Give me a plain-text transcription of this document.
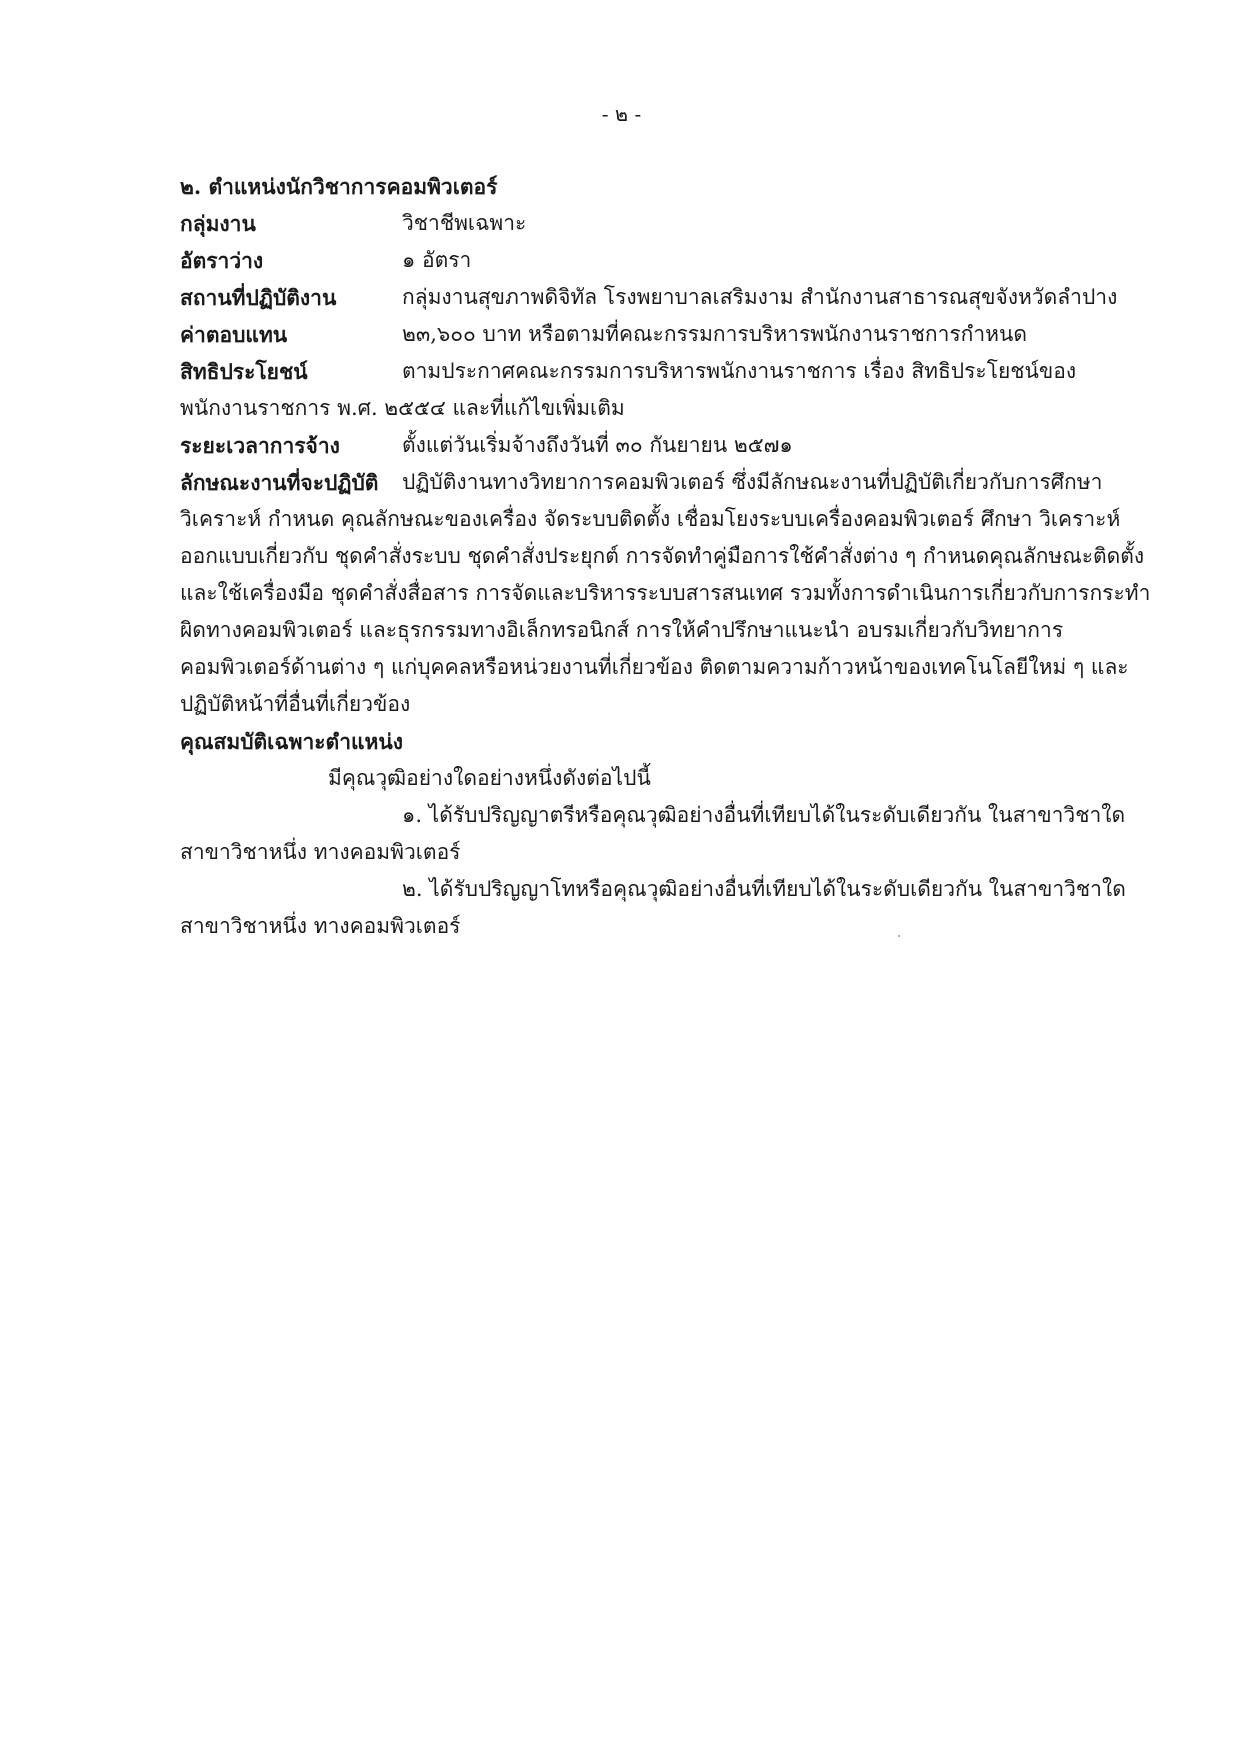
- ๒ -
๒. ตำแหน่งนักวิชาการคอมพิวเตอร์
กลุ่มงาน	วิชาชีพเฉพาะ
อัตราว่าง	๑ อัตรา
สถานที่ปฏิบัติงาน	กลุ่มงานสุขภาพดิจิทัล โรงพยาบาลเสริมงาม สำนักงานสาธารณสุขจังหวัดลำปาง
ค่าตอบแทน	๒๓,๖๐๐ บาท หรือตามที่คณะกรรมการบริหารพนักงานราชการกำหนด
สิทธิประโยชน์	ตามประกาศคณะกรรมการบริหารพนักงานราชการ เรื่อง สิทธิประโยชน์ของ
พนักงานราชการ พ.ศ. ๒๕๕๔ และที่แก้ไขเพิ่มเติม
ระยะเวลาการจ้าง	ตั้งแต่วันเริ่มจ้างถึงวันที่ ๓๐ กันยายน ๒๕๗๑
ลักษณะงานที่จะปฏิบัติ	ปฏิบัติงานทางวิทยาการคอมพิวเตอร์ ซึ่งมีลักษณะงานที่ปฏิบัติเกี่ยวกับการศึกษา
วิเคราะห์ กำหนด คุณลักษณะของเครื่อง จัดระบบติดตั้ง เชื่อมโยงระบบเครื่องคอมพิวเตอร์ ศึกษา วิเคราะห์
ออกแบบเกี่ยวกับ ชุดคำสั่งระบบ ชุดคำสั่งประยุกต์ การจัดทำคู่มือการใช้คำสั่งต่าง ๆ กำหนดคุณลักษณะติดตั้ง
และใช้เครื่องมือ ชุดคำสั่งสื่อสาร การจัดและบริหารระบบสารสนเทศ รวมทั้งการดำเนินการเกี่ยวกับการกระทำ
ผิดทางคอมพิวเตอร์ และธุรกรรมทางอิเล็กทรอนิกส์ การให้คำปรึกษาแนะนำ อบรมเกี่ยวกับวิทยาการ
คอมพิวเตอร์ด้านต่าง ๆ แก่บุคคลหรือหน่วยงานที่เกี่ยวข้อง ติดตามความก้าวหน้าของเทคโนโลยีใหม่ ๆ และ
ปฏิบัติหน้าที่อื่นที่เกี่ยวข้อง
คุณสมบัติเฉพาะตำแหน่ง
มีคุณวุฒิอย่างใดอย่างหนึ่งดังต่อไปนี้
๑. ได้รับปริญญาตรีหรือคุณวุฒิอย่างอื่นที่เทียบได้ในระดับเดียวกัน ในสาขาวิชาใด
สาขาวิชาหนึ่ง ทางคอมพิวเตอร์
๒. ได้รับปริญญาโทหรือคุณวุฒิอย่างอื่นที่เทียบได้ในระดับเดียวกัน ในสาขาวิชาใด
สาขาวิชาหนึ่ง ทางคอมพิวเตอร์
